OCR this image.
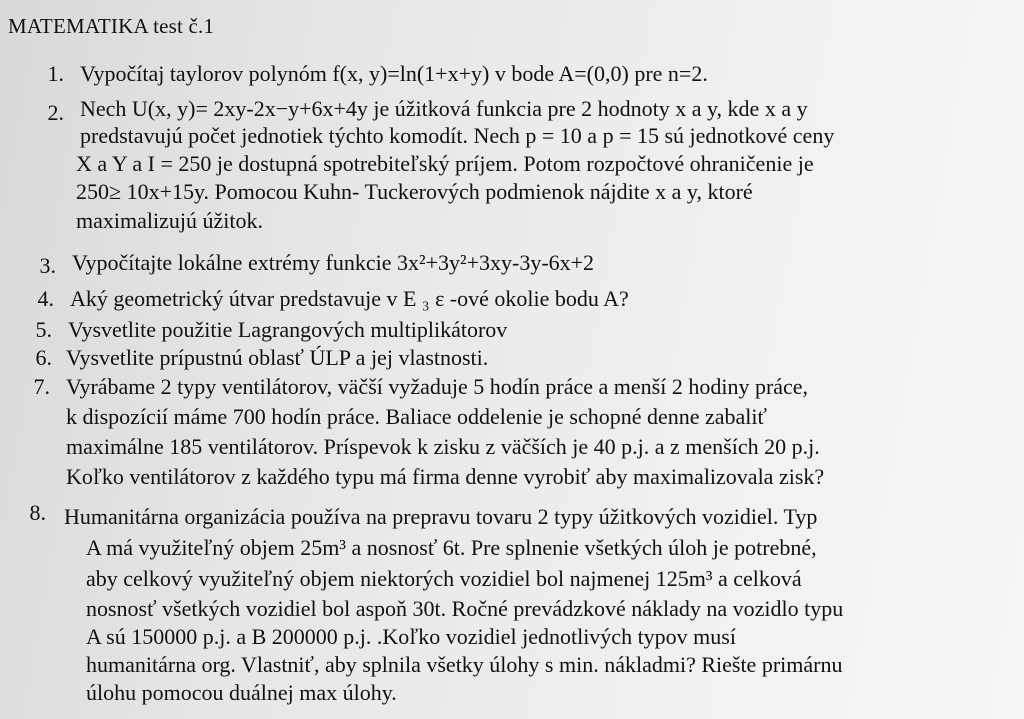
MATEMATIKA test č.1
1. Vypočítaj taylorov polynóm f(x, y)=ln(1+x+y) v bode A=(0,0) pre n=2.
2. Nech U(x, y)= 2xy-2x−y+6x+4y je úžitková funkcia pre 2 hodnoty x a y, kde x a y
predstavujú počet jednotiek týchto komodít. Nech p = 10 a p = 15 sú jednotkové ceny
X a Y a I = 250 je dostupná spotrebiteľský príjem. Potom rozpočtové ohraničenie je
250≥ 10x+15y. Pomocou Kuhn- Tuckerových podmienok nájdite x a y, ktoré
maximalizujú úžitok.
3. Vypočítajte lokálne extrémy funkcie 3x²+3y²+3xy-3y-6x+2
4. Aký geometrický útvar predstavuje v E ₃ ε -ové okolie bodu A?
5. Vysvetlite použitie Lagrangových multiplikátorov
6. Vysvetlite prípustnú oblasť ÚLP a jej vlastnosti.
7. Vyrábame 2 typy ventilátorov, väčší vyžaduje 5 hodín práce a menší 2 hodiny práce,
k dispozícií máme 700 hodín práce. Baliace oddelenie je schopné denne zabaliť
maximálne 185 ventilátorov. Príspevok k zisku z väčších je 40 p.j. a z menších 20 p.j.
Koľko ventilátorov z každého typu má firma denne vyrobiť aby maximalizovala zisk?
8. Humanitárna organizácia používa na prepravu tovaru 2 typy úžitkových vozidiel. Typ
A má využiteľný objem 25m³ a nosnosť 6t. Pre splnenie všetkých úloh je potrebné,
aby celkový využiteľný objem niektorých vozidiel bol najmenej 125m³ a celková
nosnosť všetkých vozidiel bol aspoň 30t. Ročné prevádzkové náklady na vozidlo typu
A sú 150000 p.j. a B 200000 p.j. .Koľko vozidiel jednotlivých typov musí
humanitárna org. Vlastniť, aby splnila všetky úlohy s min. nákladmi? Riešte primárnu
úlohu pomocou duálnej max úlohy.
